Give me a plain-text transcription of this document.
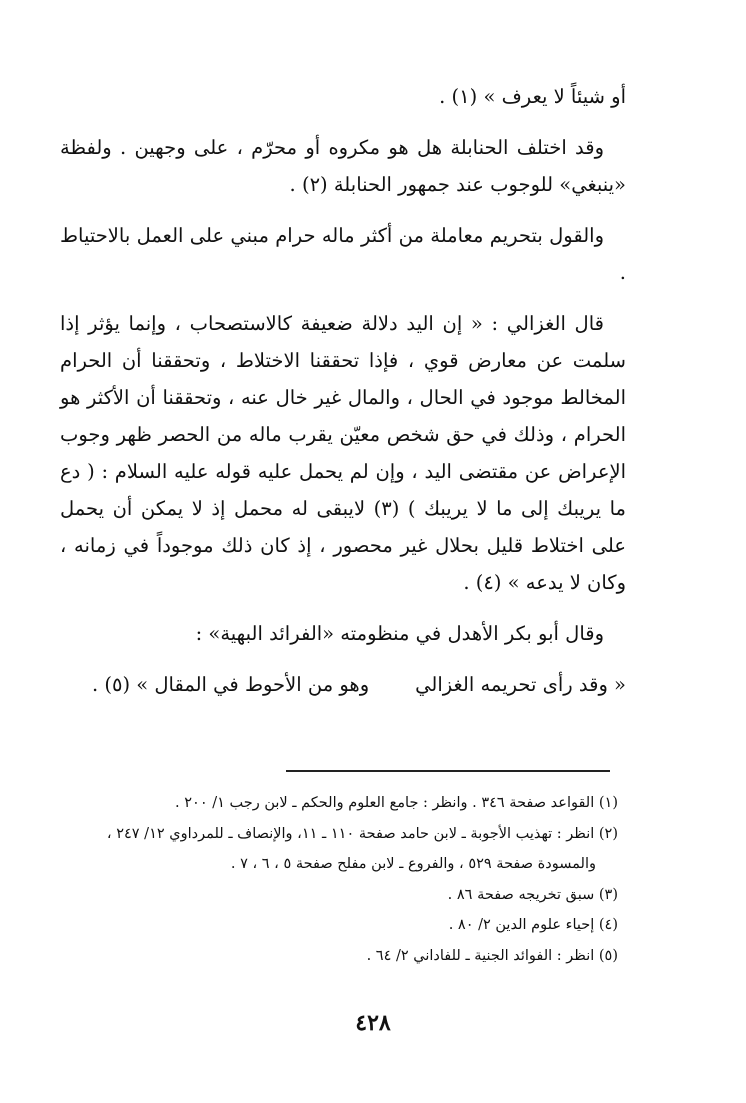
أو شيئاً لا يعرف » (١) .

وقد اختلف الحنابلة هل هو مكروه أو محرّم ، على وجهين . ولفظة «ينبغي» للوجوب عند جمهور الحنابلة (٢) .

والقول بتحريم معاملة من أكثر ماله حرام مبني على العمل بالاحتياط .

قال الغزالي : « إن اليد دلالة ضعيفة كالاستصحاب ، وإنما يؤثر إذا سلمت عن معارض قوي ، فإذا تحققنا الاختلاط ، وتحققنا أن الحرام المخالط موجود في الحال ، والمال غير خال عنه ، وتحققنا أن الأكثر هو الحرام ، وذلك في حق شخص معيّن يقرب ماله من الحصر ظهر وجوب الإعراض عن مقتضى اليد ، وإن لم يحمل عليه قوله عليه السلام : ( دع ما يريبك إلى ما لا يريبك ) (٣) لايبقى له محمل إذ لا يمكن أن يحمل على اختلاط قليل بحلال غير محصور ، إذ كان ذلك موجوداً في زمانه ، وكان لا يدعه » (٤) .

وقال أبو بكر الأهدل في منظومته «الفرائد البهية» :

« وقد رأى تحريمه الغزالي
وهو من الأحوط في المقال » (٥) .

(١) القواعد صفحة ٣٤٦ . وانظر : جامع العلوم والحكم ـ لابن رجب ١/ ٢٠٠ .

(٢) انظر : تهذيب الأجوبة ـ لابن حامد صفحة ١١٠ ـ ١١، والإنصاف ـ للمرداوي ١٢/ ٢٤٧ ،

والمسودة صفحة ٥٢٩ ، والفروع ـ لابن مفلح صفحة ٥ ، ٦ ، ٧ .

(٣) سبق تخريجه صفحة ٨٦ .

(٤) إحياء علوم الدين ٢/ ٨٠ .

(٥) انظر : الفوائد الجنية ـ للفاداني ٢/ ٦٤ .

٤٢٨
